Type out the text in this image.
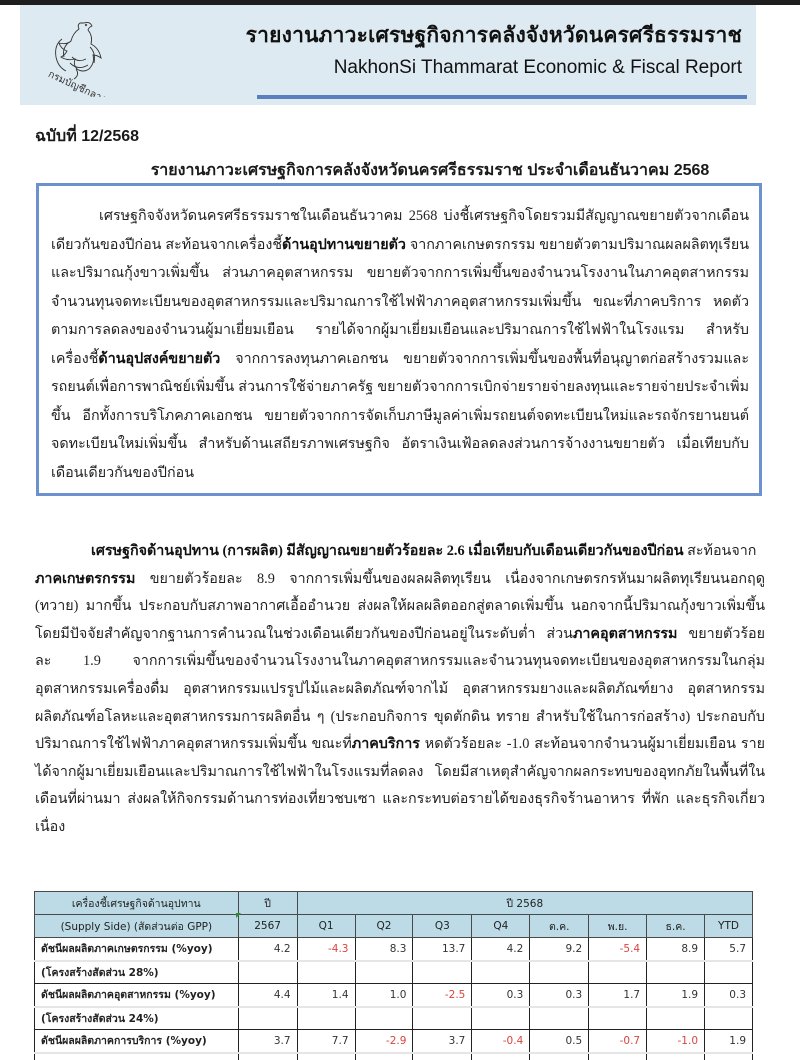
กรมบัญชีกลาง
รายงานภาวะเศรษฐกิจการคลังจังหวัดนครศรีธรรมราช
NakhonSi Thammarat Economic & Fiscal Report
ฉบับที่ 12/2568
รายงานภาวะเศรษฐกิจการคลังจังหวัดนครศรีธรรมราช ประจำเดือนธันวาคม 2568

เศรษฐกิจจังหวัดนครศรีธรรมราชในเดือนธันวาคม 2568 บ่งชี้เศรษฐกิจโดยรวมมีสัญญาณขยายตัวจากเดือนเดียวกันของปีก่อน สะท้อนจากเครื่องชี้ด้านอุปทานขยายตัว จากภาคเกษตรกรรม ขยายตัวตามปริมาณผลผลิตทุเรียนและปริมาณกุ้งขาวเพิ่มขึ้น ส่วนภาคอุตสาหกรรม ขยายตัวจากการเพิ่มขึ้นของจำนวนโรงงานในภาคอุตสาหกรรม จำนวนทุนจดทะเบียนของอุตสาหกรรมและปริมาณการใช้ไฟฟ้าภาคอุตสาหกรรมเพิ่มขึ้น ขณะที่ภาคบริการ หดตัวตามการลดลงของจำนวนผู้มาเยี่ยมเยือน รายได้จากผู้มาเยี่ยมเยือนและปริมาณการใช้ไฟฟ้าในโรงแรม สำหรับเครื่องชี้ด้านอุปสงค์ขยายตัว จากการลงทุนภาคเอกชน ขยายตัวจากการเพิ่มขึ้นของพื้นที่อนุญาตก่อสร้างรวมและรถยนต์เพื่อการพาณิชย์เพิ่มขึ้น ส่วนการใช้จ่ายภาครัฐ ขยายตัวจากการเบิกจ่ายรายจ่ายลงทุนและรายจ่ายประจำเพิ่มขึ้น อีกทั้งการบริโภคภาคเอกชน ขยายตัวจากการจัดเก็บภาษีมูลค่าเพิ่มรถยนต์จดทะเบียนใหม่และรถจักรยานยนต์จดทะเบียนใหม่เพิ่มขึ้น สำหรับด้านเสถียรภาพเศรษฐกิจ อัตราเงินเฟ้อลดลงส่วนการจ้างงานขยายตัว เมื่อเทียบกับเดือนเดียวกันของปีก่อน

เศรษฐกิจด้านอุปทาน (การผลิต) มีสัญญาณขยายตัวร้อยละ 2.6 เมื่อเทียบกับเดือนเดียวกันของปีก่อน สะท้อนจาก
ภาคเกษตรกรรม ขยายตัวร้อยละ 8.9 จากการเพิ่มขึ้นของผลผลิตทุเรียน เนื่องจากเกษตรกรหันมาผลิตทุเรียนนอกฤดู (ทวาย) มากขึ้น ประกอบกับสภาพอากาศเอื้ออำนวย ส่งผลให้ผลผลิตออกสู่ตลาดเพิ่มขึ้น นอกจากนี้ปริมาณกุ้งขาวเพิ่มขึ้นโดยมีปัจจัยสำคัญจากฐานการคำนวณในช่วงเดือนเดียวกันของปีก่อนอยู่ในระดับต่ำ ส่วนภาคอุตสาหกรรม ขยายตัวร้อยละ 1.9 จากการเพิ่มขึ้นของจำนวนโรงงานในภาคอุตสาหกรรมและจำนวนทุนจดทะเบียนของอุตสาหกรรมในกลุ่มอุตสาหกรรมเครื่องดื่ม อุตสาหกรรมแปรรูปไม้และผลิตภัณฑ์จากไม้ อุตสาหกรรมยางและผลิตภัณฑ์ยาง อุตสาหกรรมผลิตภัณฑ์อโลหะและอุตสาหกรรมการผลิตอื่น ๆ (ประกอบกิจการ ขุดตักดิน ทราย สำหรับใช้ในการก่อสร้าง) ประกอบกับปริมาณการใช้ไฟฟ้าภาคอุตสาหกรรมเพิ่มขึ้น ขณะที่ภาคบริการ หดตัวร้อยละ -1.0 สะท้อนจากจำนวนผู้มาเยี่ยมเยือน รายได้จากผู้มาเยี่ยมเยือนและปริมาณการใช้ไฟฟ้าในโรงแรมที่ลดลง โดยมีสาเหตุสำคัญจากผลกระทบของอุทกภัยในพื้นที่ในเดือนที่ผ่านมา ส่งผลให้กิจกรรมด้านการท่องเที่ยวชบเซา และกระทบต่อรายได้ของธุรกิจร้านอาหาร ที่พัก และธุรกิจเกี่ยวเนื่อง

เครื่องชี้เศรษฐกิจด้านอุปทาน	ปี	ปี 2568							
(Supply Side) (สัดส่วนต่อ GPP)	2567	Q1	Q2	Q3	Q4	ต.ค.	พ.ย.	ธ.ค.	YTD
ดัชนีผลผลิตภาคเกษตรกรรม (%yoy)	4.2	-4.3	8.3	13.7	4.2	9.2	-5.4	8.9	5.7
(โครงสร้างสัดส่วน 28%)									
ดัชนีผลผลิตภาคอุตสาหกรรม (%yoy)	4.4	1.4	1.0	-2.5	0.3	0.3	1.7	1.9	0.3
(โครงสร้างสัดส่วน 24%)									
ดัชนีผลผลิตภาคการบริการ (%yoy)	3.7	7.7	-2.9	3.7	-0.4	0.5	-0.7	-1.0	1.9
